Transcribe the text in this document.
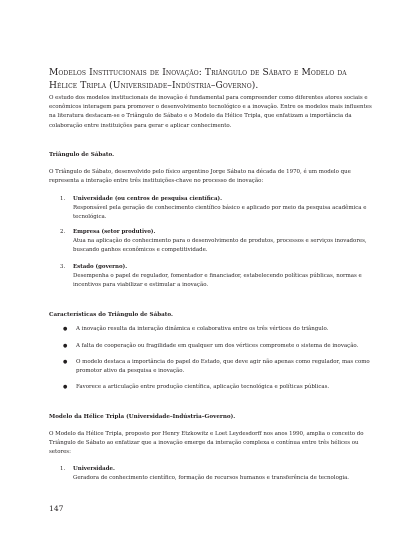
Modelos Institucionais de Inovação: Triângulo de Sábato e Modelo da Hélice Tripla (Universidade–Indústria–Governo).

O estudo dos modelos institucionais de inovação é fundamental para compreender como diferentes atores sociais e econômicos interagem para promover o desenvolvimento tecnológico e a inovação. Entre os modelos mais influentes na literatura destacam-se o Triângulo de Sábato e o Modelo da Hélice Tripla, que enfatizam a importância da colaboração entre instituições para gerar e aplicar conhecimento.

Triângulo de Sábato.

O Triângulo de Sábato, desenvolvido pelo físico argentino Jorge Sábato na década de 1970, é um modelo que representa a interação entre três instituições-chave no processo de inovação:

1. Universidade (ou centros de pesquisa científica).
Responsável pela geração de conhecimento científico básico e aplicado por meio da pesquisa acadêmica e tecnológica.
2. Empresa (setor produtivo).
Atua na aplicação do conhecimento para o desenvolvimento de produtos, processos e serviços inovadores, buscando ganhos econômicos e competitividade.
3. Estado (governo).
Desempenha o papel de regulador, fomentador e financiador, estabelecendo políticas públicas, normas e incentivos para viabilizar e estimular a inovação.

Características do Triângulo de Sábato.

● A inovação resulta da interação dinâmica e colaborativa entre os três vértices do triângulo.
● A falta de cooperação ou fragilidade em qualquer um dos vértices compromete o sistema de inovação.
● O modelo destaca a importância do papel do Estado, que deve agir não apenas como regulador, mas como promotor ativo da pesquisa e inovação.
● Favorece a articulação entre produção científica, aplicação tecnológica e políticas públicas.

Modelo da Hélice Tripla (Universidade–Indústria–Governo).

O Modelo da Hélice Tripla, proposto por Henry Etzkowitz e Loet Leydesdorff nos anos 1990, amplia o conceito do Triângulo de Sábato ao enfatizar que a inovação emerge da interação complexa e contínua entre três hélices ou setores:

1. Universidade.
Geradora de conhecimento científico, formação de recursos humanos e transferência de tecnologia.

147
